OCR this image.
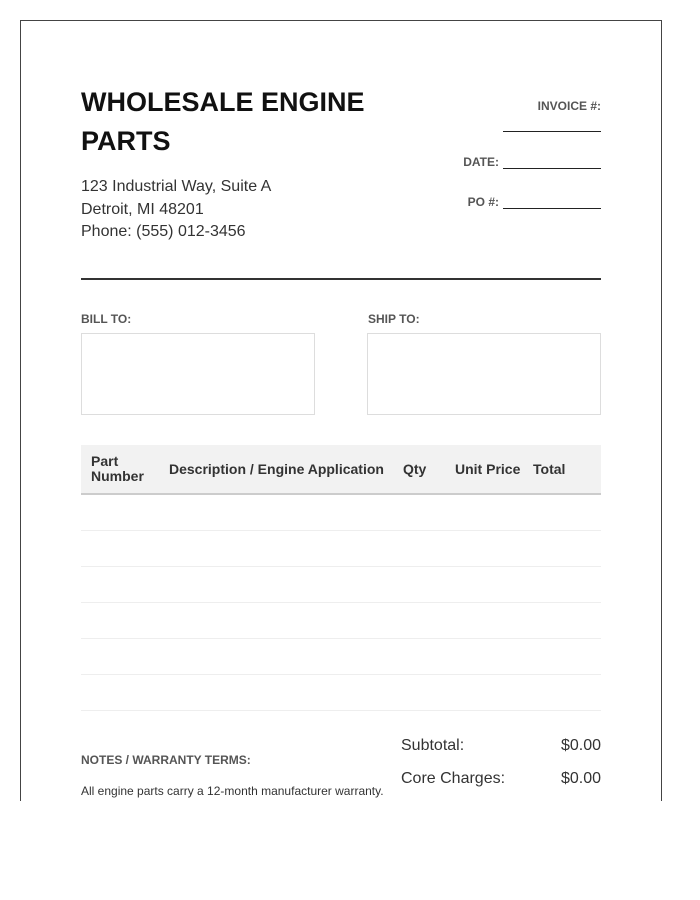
WHOLESALE ENGINE PARTS
123 Industrial Way, Suite A
Detroit, MI 48201
Phone: (555) 012-3456
INVOICE #:
DATE:
PO #:
BILL TO:	SHIP TO:
Part Number	Description / Engine Application	Qty	Unit Price	Total

NOTES / WARRANTY TERMS:
All engine parts carry a 12-month manufacturer warranty.
Subtotal:	$0.00
Core Charges:	$0.00
